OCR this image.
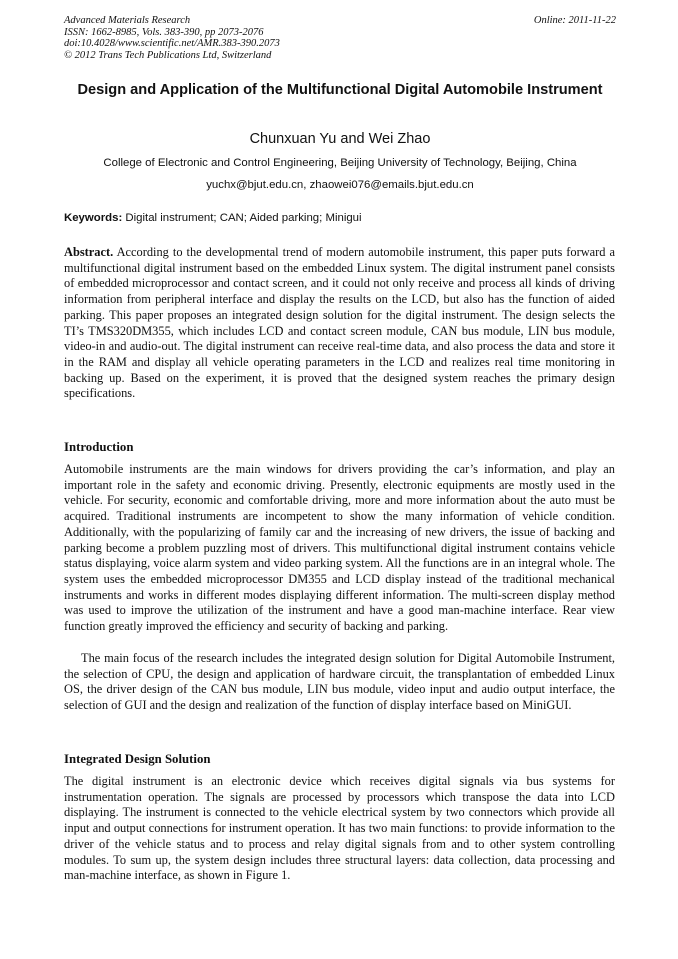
Advanced Materials Research
ISSN: 1662-8985, Vols. 383-390, pp 2073-2076
doi:10.4028/www.scientific.net/AMR.383-390.2073
© 2012 Trans Tech Publications Ltd, Switzerland
Online: 2011-11-22
Design and Application of the Multifunctional Digital Automobile Instrument
Chunxuan Yu and Wei Zhao
College of Electronic and Control Engineering, Beijing University of Technology, Beijing, China
yuchx@bjut.edu.cn, zhaowei076@emails.bjut.edu.cn
Keywords: Digital instrument; CAN; Aided parking; Minigui

Abstract. According to the developmental trend of modern automobile instrument, this paper puts forward a multifunctional digital instrument based on the embedded Linux system. The digital instrument panel consists of embedded microprocessor and contact screen, and it could not only receive and process all kinds of driving information from peripheral interface and display the results on the LCD, but also has the function of aided parking. This paper proposes an integrated design solution for the digital instrument. The design selects the TI’s TMS320DM355, which includes LCD and contact screen module, CAN bus module, LIN bus module, video-in and audio-out. The digital instrument can receive real-time data, and also process the data and store it in the RAM and display all vehicle operating parameters in the LCD and realizes real time monitoring in backing up. Based on the experiment, it is proved that the designed system reaches the primary design specifications.

Introduction

Automobile instruments are the main windows for drivers providing the car’s information, and play an important role in the safety and economic driving. Presently, electronic equipments are mostly used in the vehicle. For security, economic and comfortable driving, more and more information about the auto must be acquired. Traditional instruments are incompetent to show the many information of vehicle condition. Additionally, with the popularizing of family car and the increasing of new drivers, the issue of backing and parking become a problem puzzling most of drivers. This multifunctional digital instrument contains vehicle status displaying, voice alarm system and video parking system. All the functions are in an integral whole. The system uses the embedded microprocessor DM355 and LCD display instead of the traditional mechanical instruments and works in different modes displaying different information. The multi-screen display method was used to improve the utilization of the instrument and have a good man-machine interface. Rear view function greatly improved the efficiency and security of backing and parking.

The main focus of the research includes the integrated design solution for Digital Automobile Instrument, the selection of CPU, the design and application of hardware circuit, the transplantation of embedded Linux OS, the driver design of the CAN bus module, LIN bus module, video input and audio output interface, the selection of GUI and the design and realization of the function of display interface based on MiniGUI.

Integrated Design Solution

The digital instrument is an electronic device which receives digital signals via bus systems for instrumentation operation. The signals are processed by processors which transpose the data into LCD displaying. The instrument is connected to the vehicle electrical system by two connectors which provide all input and output connections for instrument operation. It has two main functions: to provide information to the driver of the vehicle status and to process and relay digital signals from and to other system controlling modules. To sum up, the system design includes three structural layers: data collection, data processing and man-machine interface, as shown in Figure 1.
